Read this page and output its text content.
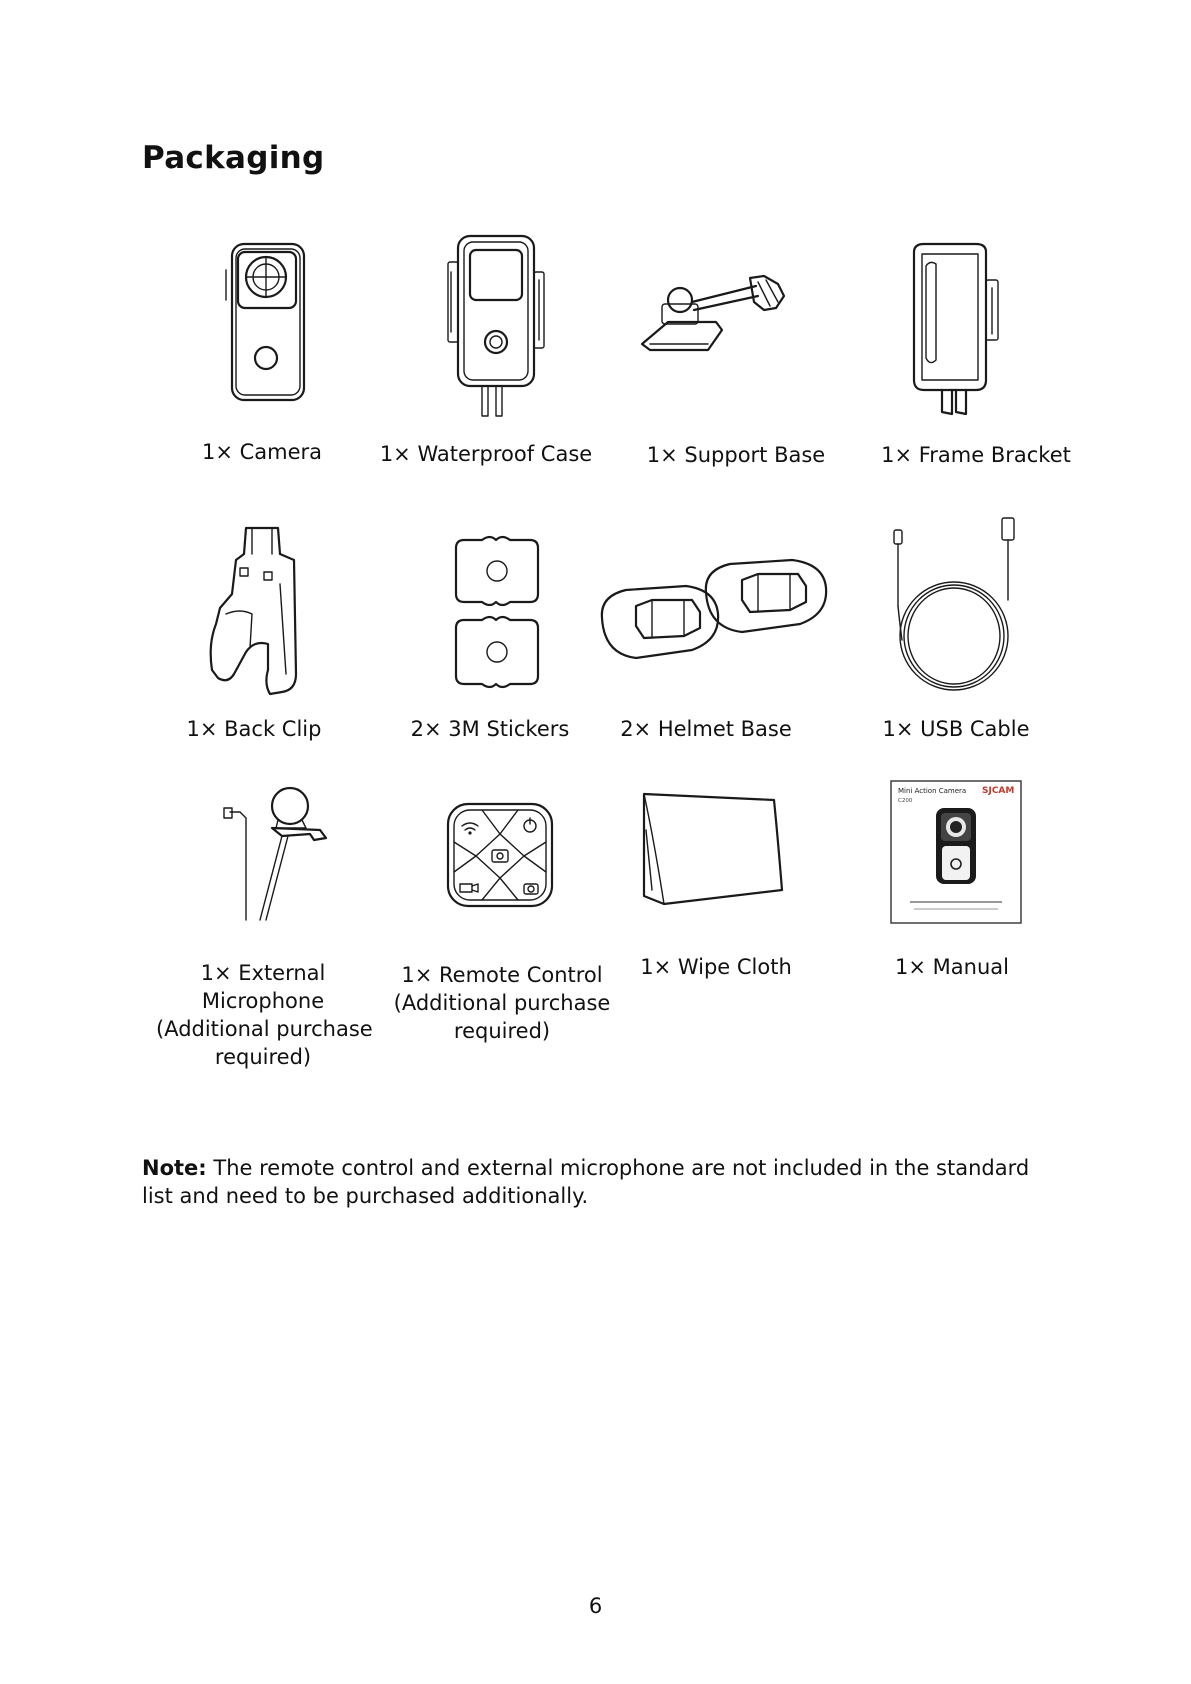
Packaging
1× Camera	1× Waterproof Case	1× Support Base	1× Frame Bracket
1× Back Clip	2× 3M Stickers	2× Helmet Base	1× USB Cable
Mini Action Camera
C200
SJCAM
1× External
Microphone
(Additional purchase
required)
1× Remote Control
(Additional purchase
required)
1× Wipe Cloth	1× Manual
Note: The remote control and external microphone are not included in the standard list and need to be purchased additionally.
6
